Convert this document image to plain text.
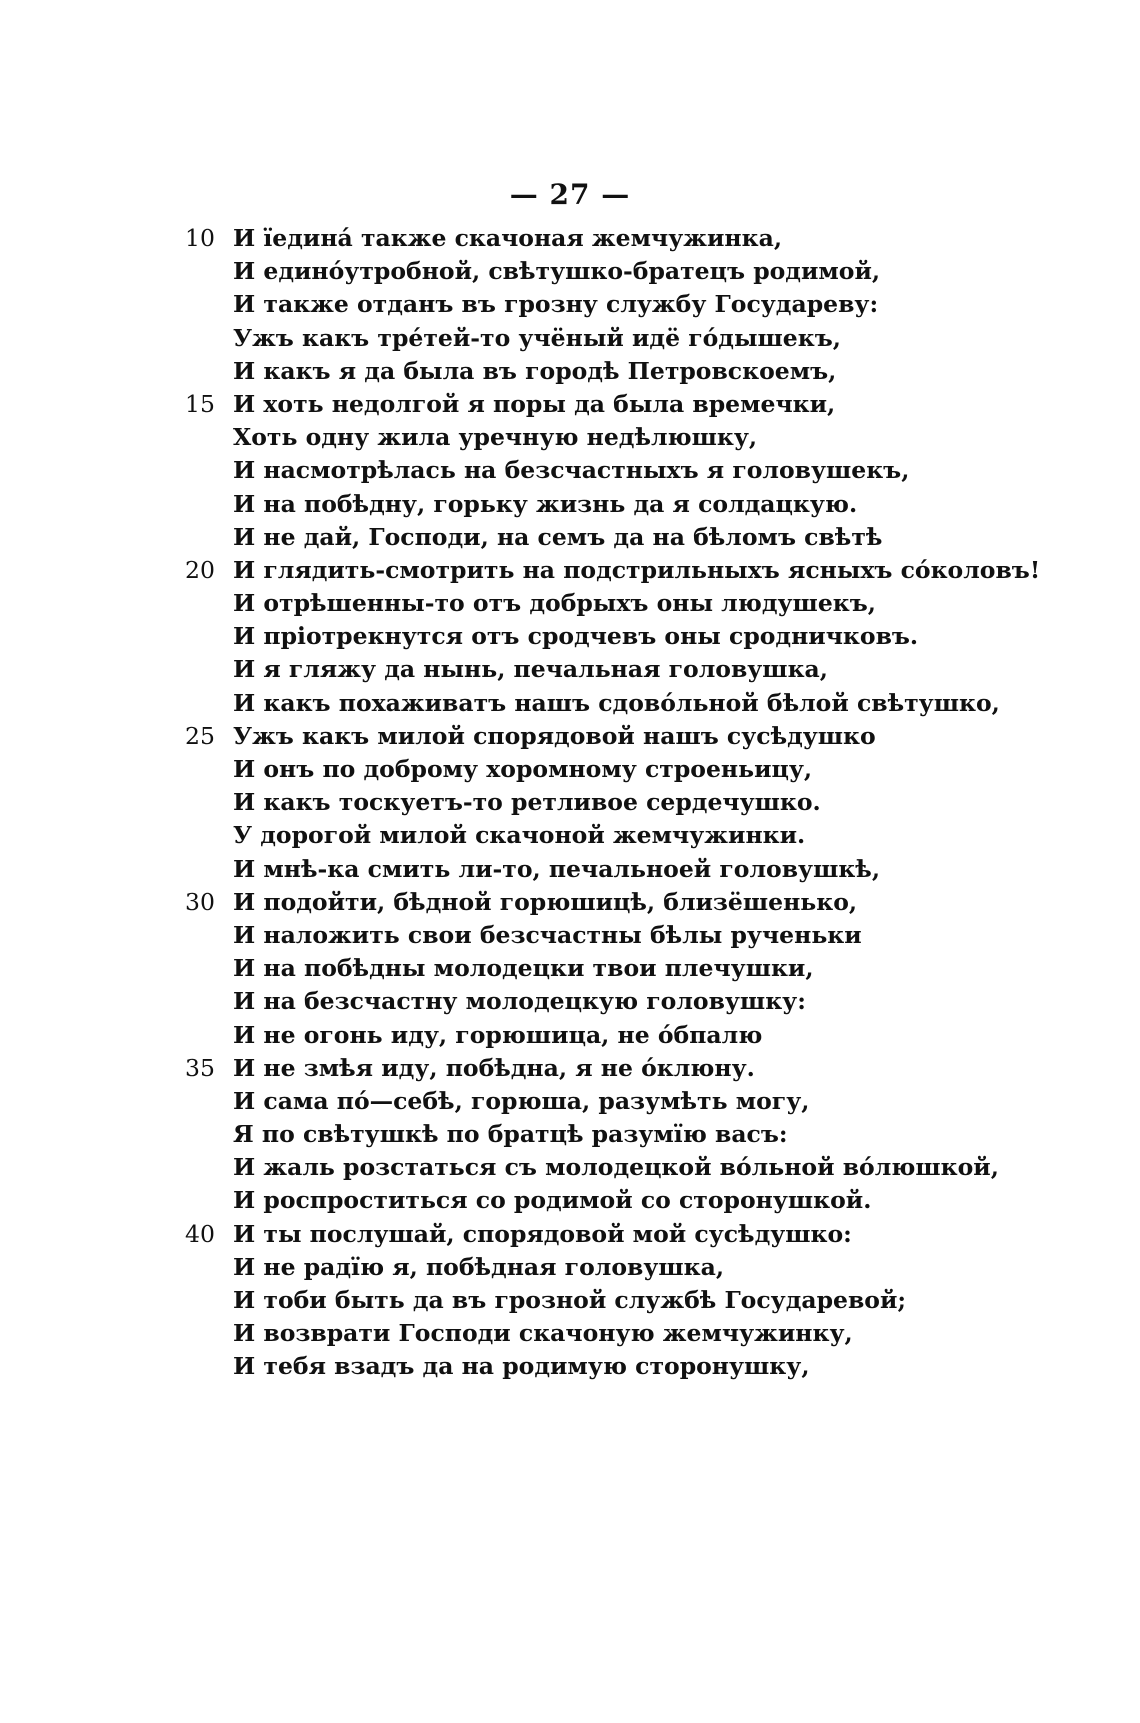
— 27 —
10 И їедина́ также скачоная жемчужинка,
И единóутробной, свѣтушко-братецъ родимой,
И также отданъ въ грозну службу Государеву:
Ужъ какъ трéтей-то учёный идё гóдышекъ,
И какъ я да была въ городѣ Петровскоемъ,
15 И хоть недолгой я поры да была времечки,
Хоть одну жила уречную недѣлюшку,
И насмотрѣлась на безсчастныхъ я головушекъ,
И на побѣдну, горьку жизнь да я солдацкую.
И не дай, Господи, на семъ да на бѣломъ свѣтѣ
20 И глядить-смотрить на подстрильныхъ ясныхъ сóколовъ!
И отрѣшенны-то отъ добрыхъ оны людушекъ,
И пріотрекнутся отъ сродчевъ оны сродничковъ.
И я гляжу да нынь, печальная головушка,
И какъ похаживатъ нашъ сдовóльной бѣлой свѣтушко,
25 Ужъ какъ милой спорядовой нашъ сусѣдушко
И онъ по доброму хоромному строеньицу,
И какъ тоскуетъ-то ретливое сердечушко.
У дорогой милой скачоной жемчужинки.
И мнѣ-ка смить ли-то, печальноей головушкѣ,
30 И подойти, бѣдной горюшицѣ, близёшенько,
И наложить свои безсчастны бѣлы рученьки
И на побѣдны молодецки твои плечушки,
И на безсчастну молодецкую головушку:
И не огонь иду, горюшица, не óбпалю
35 И не змѣя иду, побѣдна, я не óклюну.
И сама пó—себѣ, горюша, разумѣть могу,
Я по свѣтушкѣ по братцѣ разумїю васъ:
И жаль розстаться съ молодецкой вóльной вóлюшкой,
И роспроститься со родимой со сторонушкой.
40 И ты послушай, спорядовой мой сусѣдушко:
И не радїю я, побѣдная головушка,
И тоби быть да въ грозной службѣ Государевой;
И возврати Господи скачоную жемчужинку,
И тебя взадъ да на родимую сторонушку,
